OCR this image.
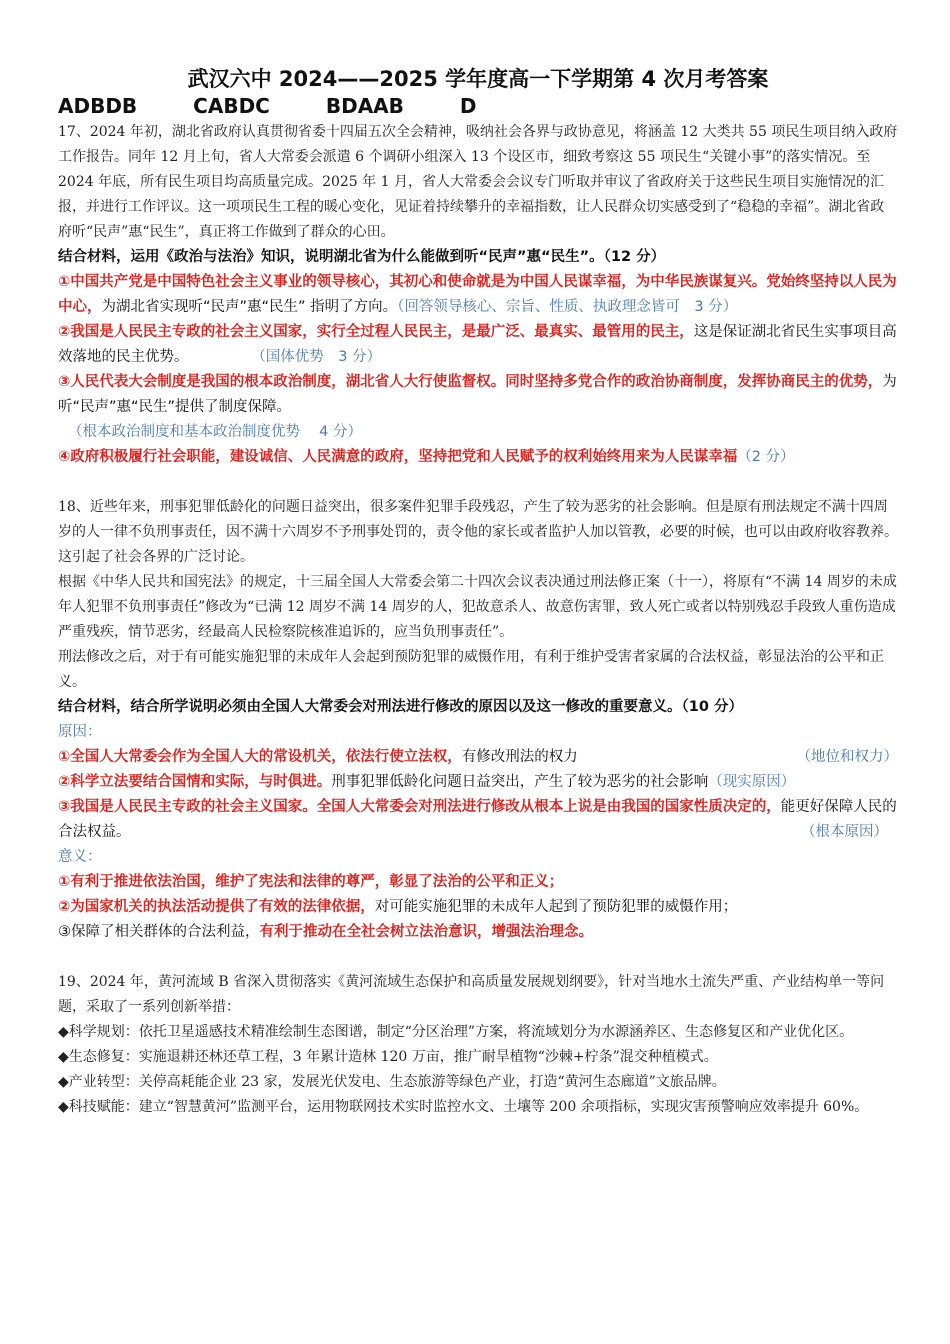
武汉六中 2024——2025 学年度高一下学期第 4 次月考答案
ADBDB	CABDC	BDAAB	D

17、2024 年初，湖北省政府认真贯彻省委十四届五次全会精神，吸纳社会各界与政协意见，将涵盖 12 大类共 55 项民生项目纳入政府工作报告。同年 12 月上旬，省人大常委会派遣 6 个调研小组深入 13 个设区市，细致考察这 55 项民生“关键小事”的落实情况。至 2024 年底，所有民生项目均高质量完成。2025 年 1 月，省人大常委会会议专门听取并审议了省政府关于这些民生项目实施情况的汇报，并进行工作评议。这一项项民生工程的暖心变化，见证着持续攀升的幸福指数，让人民群众切实感受到了“稳稳的幸福”。湖北省政府听“民声”惠“民生”，真正将工作做到了群众的心田。

结合材料，运用《政治与法治》知识，说明湖北省为什么能做到听“民声”惠“民生”。（12 分）

①中国共产党是中国特色社会主义事业的领导核心，其初心和使命就是为中国人民谋幸福，为中华民族谋复兴。党始终坚持以人民为中心，为湖北省实现听“民声”惠“民生” 指明了方向。（回答领导核心、宗旨、性质、执政理念皆可　3 分）

②我国是人民民主专政的社会主义国家，实行全过程人民民主，是最广泛、最真实、最管用的民主，这是保证湖北省民生实事项目高效落地的民主优势。	（国体优势　3 分）

③人民代表大会制度是我国的根本政治制度，湖北省人大行使监督权。同时坚持多党合作的政治协商制度，发挥协商民主的优势，为听“民声”惠“民生”提供了制度保障。

（根本政治制度和基本政治制度优势　 4 分）

④政府积极履行社会职能，建设诚信、人民满意的政府，坚持把党和人民赋予的权利始终用来为人民谋幸福（2 分）

18、近些年来，刑事犯罪低龄化的问题日益突出，很多案件犯罪手段残忍，产生了较为恶劣的社会影响。但是原有刑法规定不满十四周岁的人一律不负刑事责任，因不满十六周岁不予刑事处罚的，责令他的家长或者监护人加以管教，必要的时候，也可以由政府收容教养。这引起了社会各界的广泛讨论。

根据《中华人民共和国宪法》的规定，十三届全国人大常委会第二十四次会议表决通过刑法修正案（十一），将原有“不满 14 周岁的未成年人犯罪不负刑事责任”修改为“已满 12 周岁不满 14 周岁的人，犯故意杀人、故意伤害罪，致人死亡或者以特别残忍手段致人重伤造成严重残疾，情节恶劣，经最高人民检察院核准追诉的，应当负刑事责任”。

刑法修改之后，对于有可能实施犯罪的未成年人会起到预防犯罪的威慑作用，有利于维护受害者家属的合法权益，彰显法治的公平和正义。

结合材料，结合所学说明必须由全国人大常委会对刑法进行修改的原因以及这一修改的重要意义。（10 分）

原因：

①全国人大常委会作为全国人大的常设机关，依法行使立法权，有修改刑法的权力	（地位和权力）

②科学立法要结合国情和实际，与时俱进。刑事犯罪低龄化问题日益突出，产生了较为恶劣的社会影响（现实原因）

③我国是人民民主专政的社会主义国家。全国人大常委会对刑法进行修改从根本上说是由我国的国家性质决定的，能更好保障人民的合法权益。	（根本原因）

意义：

①有利于推进依法治国，维护了宪法和法律的尊严，彰显了法治的公平和正义；

②为国家机关的执法活动提供了有效的法律依据，对可能实施犯罪的未成年人起到了预防犯罪的威慑作用；

③保障了相关群体的合法利益，有利于推动在全社会树立法治意识，增强法治理念。

19、2024 年，黄河流域 B 省深入贯彻落实《黄河流域生态保护和高质量发展规划纲要》，针对当地水土流失严重、产业结构单一等问题，采取了一系列创新举措：

◆科学规划：依托卫星遥感技术精准绘制生态图谱，制定“分区治理”方案，将流域划分为水源涵养区、生态修复区和产业优化区。

◆生态修复：实施退耕还林还草工程，3 年累计造林 120 万亩，推广耐旱植物“沙棘+柠条”混交种植模式。

◆产业转型：关停高耗能企业 23 家，发展光伏发电、生态旅游等绿色产业，打造“黄河生态廊道”文旅品牌。

◆科技赋能：建立“智慧黄河”监测平台，运用物联网技术实时监控水文、土壤等 200 余项指标，实现灾害预警响应效率提升 60%。
